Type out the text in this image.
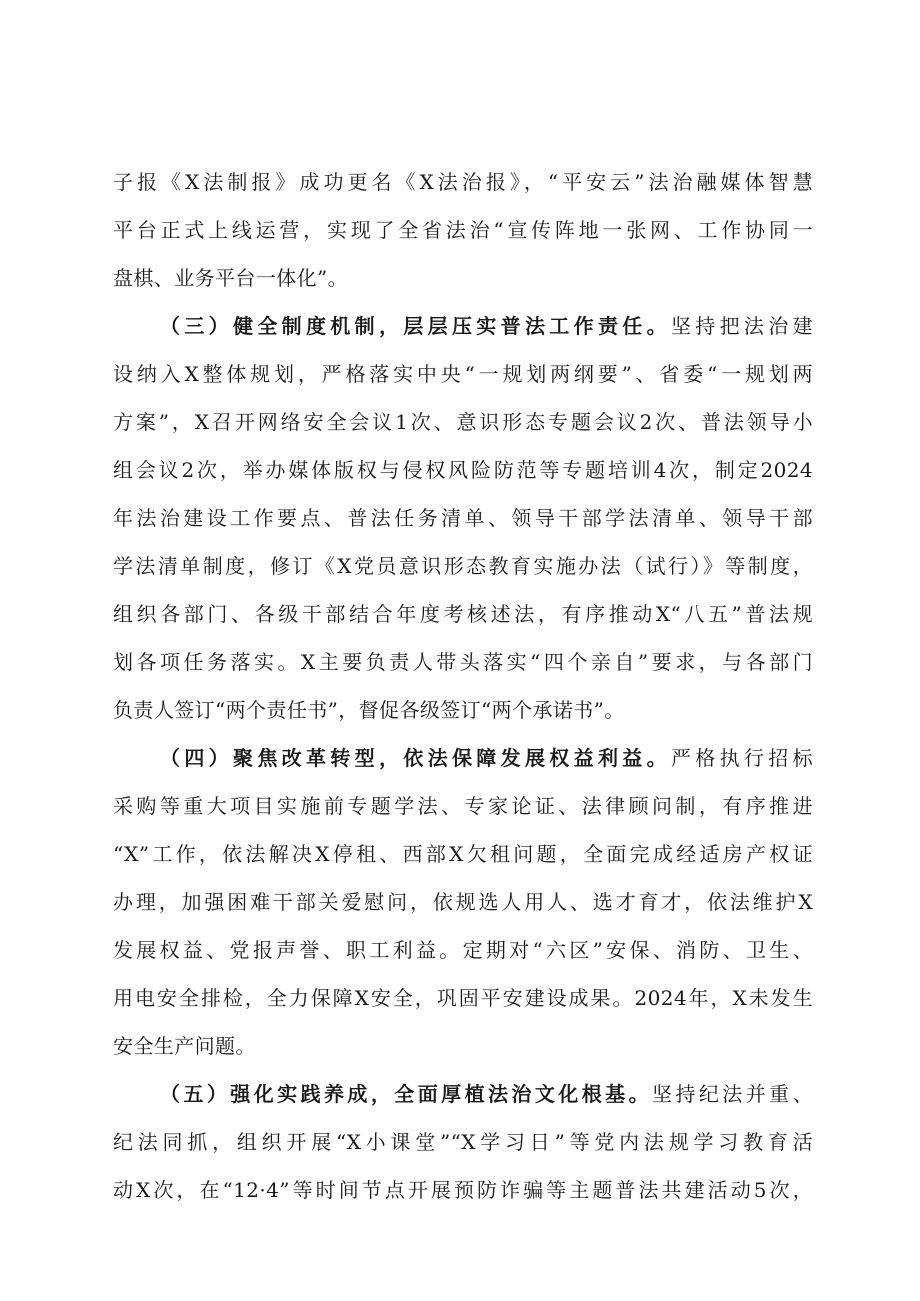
子报《X法制报》成功更名《X法治报》，“平安云”法治融媒体智慧
平台正式上线运营，实现了全省法治“宣传阵地一张网、工作协同一
盘棋、业务平台一体化”。
（三）健全制度机制，层层压实普法工作责任。坚持把法治建
设纳入X整体规划，严格落实中央“一规划两纲要”、省委“一规划两
方案”，X召开网络安全会议1次、意识形态专题会议2次、普法领导小
组会议2次，举办媒体版权与侵权风险防范等专题培训4次，制定2024
年法治建设工作要点、普法任务清单、领导干部学法清单、领导干部
学法清单制度，修订《X党员意识形态教育实施办法（试行）》等制度，
组织各部门、各级干部结合年度考核述法，有序推动X“八五”普法规
划各项任务落实。X主要负责人带头落实“四个亲自”要求，与各部门
负责人签订“两个责任书”，督促各级签订“两个承诺书”。
（四）聚焦改革转型，依法保障发展权益利益。严格执行招标
采购等重大项目实施前专题学法、专家论证、法律顾问制，有序推进
“X”工作，依法解决X停租、西部X欠租问题，全面完成经适房产权证
办理，加强困难干部关爱慰问，依规选人用人、选才育才，依法维护X
发展权益、党报声誉、职工利益。定期对“六区”安保、消防、卫生、
用电安全排检，全力保障X安全，巩固平安建设成果。2024年，X未发生
安全生产问题。
（五）强化实践养成，全面厚植法治文化根基。坚持纪法并重、
纪法同抓，组织开展“X小课堂”“X学习日”等党内法规学习教育活
动X次，在“12·4”等时间节点开展预防诈骗等主题普法共建活动5次，
